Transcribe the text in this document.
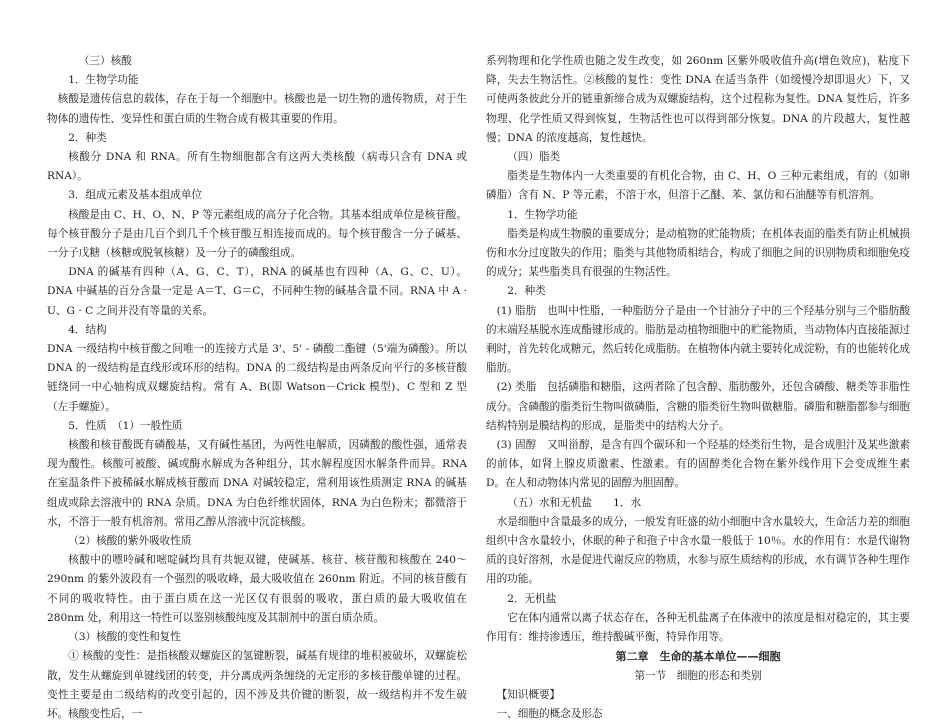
（三）核酸

1．生物学功能

核酸是遗传信息的载体，存在于每一个细胞中。核酸也是一切生物的遗传物质，对于生物体的遗传性、变异性和蛋白质的生物合成有极其重要的作用。

2．种类

核酸分 DNA 和 RNA。所有生物细胞都含有这两大类核酸（病毒只含有 DNA 或 RNA）。

3．组成元素及基本组成单位

核酸是由 C、H、O、N、P 等元素组成的高分子化合物。其基本组成单位是核苷酸。每个核苷酸分子是由几百个到几千个核苷酸互相连接而成的。每个核苷酸含一分子碱基、一分子戊糖（核糖或脱氧核糖）及一分子的磷酸组成。

DNA 的碱基有四种（A、G、C、T），RNA 的碱基也有四种（A、G、C、U）。DNA 中碱基的百分含量一定是 A＝T、G＝C，不同种生物的碱基含量不同。RNA 中 A · U、G · C 之间并没有等量的关系。

4．结构

DNA 一级结构中核苷酸之间唯一的连接方式是 3'、5' - 磷酸二酯键（5'端为磷酸）。所以 DNA 的一级结构是直线形或环形的结构。DNA 的二级结构是由两条反向平行的多核苷酸链绕同一中心轴构成双螺旋结构。常有 A、B(即 Watson－Crick 模型)、C 型和 Z 型（左手螺旋）。

5．性质　（1）一般性质

核酸和核苷酸既有磷酸基，又有碱性基团，为两性电解质，因磷酸的酸性强，通常表现为酸性。核酸可被酸、碱或酶水解成为各种组分，其水解程度因水解条件而异。RNA 在室温条件下被稀碱水解成核苷酸而 DNA 对碱较稳定，常利用该性质测定 RNA 的碱基组成或除去溶液中的 RNA 杂质。DNA 为白色纤维状固体，RNA 为白色粉末；都微溶于水，不溶于一般有机溶剂。常用乙醇从溶液中沉淀核酸。

（2）核酸的紫外吸收性质

核酸中的嘌呤碱和嘧啶碱均具有共轭双键，使碱基、核苷、核苷酸和核酸在 240～290nm 的紫外波段有一个强烈的吸收峰，最大吸收值在 260nm 附近。不同的核苷酸有不同的吸收特性。由于蛋白质在这一光区仅有很弱的吸收，蛋白质的最大吸收值在 280nm 处，利用这一特性可以鉴别核酸纯度及其制剂中的蛋白质杂质。

（3）核酸的变性和复性

① 核酸的变性：是指核酸双螺旋区的氢键断裂，碱基有规律的堆积被破坏，双螺旋松散，发生从螺旋到单键线团的转变，并分离成两条缠绕的无定形的多核苷酸单键的过程。变性主要是由二级结构的改变引起的，因不涉及共价键的断裂，故一级结构并不发生破坏。核酸变性后，一

系列物理和化学性质也随之发生改变，如 260nm 区紫外吸收值升高(增色效应)，粘度下降，失去生物活性。②核酸的复性：变性 DNA 在适当条件（如缓慢冷却即退火）下，又可使两条彼此分开的链重新缔合成为双螺旋结构，这个过程称为复性。DNA 复性后，许多物理、化学性质又得到恢复，生物活性也可以得到部分恢复。DNA 的片段越大，复性越慢；DNA 的浓度越高，复性越快。

（四）脂类

脂类是生物体内一大类重要的有机化合物，由 C、H、O 三种元素组成，有的（如卵磷脂）含有 N、P 等元素，不溶于水，但溶于乙醚、苯、氯仿和石油醚等有机溶剂。

1．生物学功能

脂类是构成生物膜的重要成分；是动植物的贮能物质；在机体表面的脂类有防止机械损伤和水分过度散失的作用；脂类与其他物质相结合，构成了细胞之间的识别物质和细胞免疫的成分；某些脂类具有很强的生物活性。

2．种类

(1) 脂肪　也叫中性脂，一种脂肪分子是由一个甘油分子中的三个羟基分别与三个脂肪酸的末端羟基脱水连成酯键形成的。脂肪是动植物细胞中的贮能物质，当动物体内直接能源过剩时，首先转化成糖元，然后转化成脂肪。在植物体内就主要转化成淀粉，有的也能转化成脂肪。

(2) 类脂　包括磷脂和糖脂，这两者除了包含醇、脂肪酸外，还包含磷酸、糖类等非脂性成分。含磷酸的脂类衍生物叫做磷脂，含糖的脂类衍生物叫做糖脂。磷脂和糖脂都参与细胞结构特别是膜结构的形成，是脂类中的结构大分子。

(3) 固醇　又叫甾醇，是含有四个碳环和一个羟基的烃类衍生物，是合成胆汁及某些激素的前体，如肾上腺皮质激素、性激素。有的固醇类化合物在紫外线作用下会变成维生素 D。在人和动物体内常见的固醇为胆固醇。

（五）水和无机盐　　1．水

水是细胞中含量最多的成分，一般发育旺盛的幼小细胞中含水量较大，生命活力差的细胞组织中含水量较小，休眠的种子和孢子中含水量一般低于 10％。水的作用有：水是代谢物质的良好溶剂，水是促进代谢反应的物质，水参与原生质结构的形成，水有调节各种生理作用的功能。

2．无机盐

它在体内通常以离子状态存在，各种无机盐离子在体液中的浓度是相对稳定的，其主要作用有：维持渗透压，维持酸碱平衡，特异作用等。

第二章　生命的基本单位——细胞

第一节　细胞的形态和类别

【知识概要】

一、细胞的概念及形态
